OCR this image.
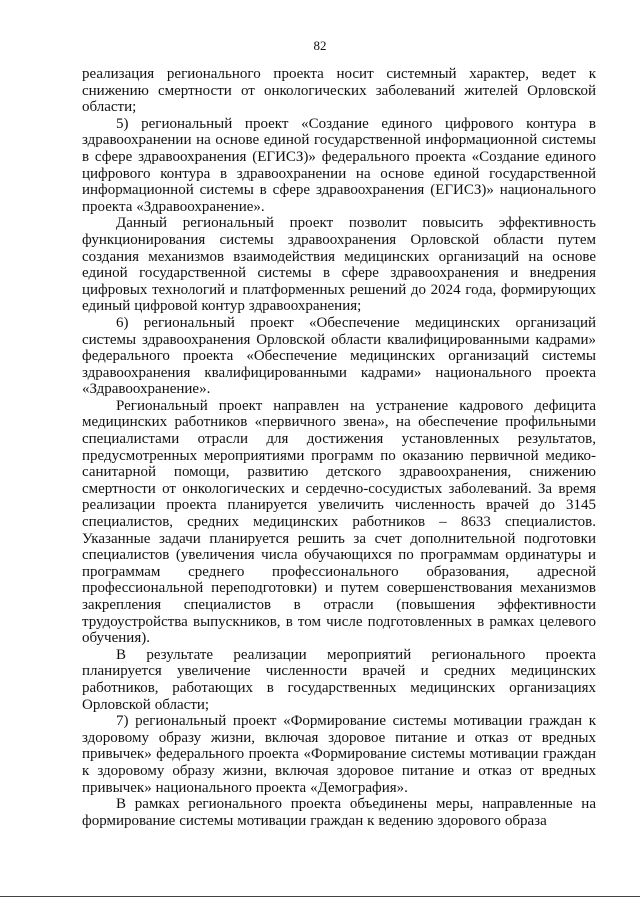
82

реализация регионального проекта носит системный характер, ведет к снижению смертности от онкологических заболеваний жителей Орловской области;

5) региональный проект «Создание единого цифрового контура в здравоохранении на основе единой государственной информационной системы в сфере здравоохранения (ЕГИСЗ)» федерального проекта «Создание единого цифрового контура в здравоохранении на основе единой государственной информационной системы в сфере здравоохранения (ЕГИСЗ)» национального проекта «Здравоохранение».

Данный региональный проект позволит повысить эффективность функционирования системы здравоохранения Орловской области путем создания механизмов взаимодействия медицинских организаций на основе единой государственной системы в сфере здравоохранения и внедрения цифровых технологий и платформенных решений до 2024 года, формирующих единый цифровой контур здравоохранения;

6) региональный проект «Обеспечение медицинских организаций системы здравоохранения Орловской области квалифицированными кадрами» федерального проекта «Обеспечение медицинских организаций системы здравоохранения квалифицированными кадрами» национального проекта «Здравоохранение».

Региональный проект направлен на устранение кадрового дефицита медицинских работников «первичного звена», на обеспечение профильными специалистами отрасли для достижения установленных результатов, предусмотренных мероприятиями программ по оказанию первичной медико-санитарной помощи, развитию детского здравоохранения, снижению смертности от онкологических и сердечно-сосудистых заболеваний. За время реализации проекта планируется увеличить численность врачей до 3145 специалистов, средних медицинских работников – 8633 специалистов. Указанные задачи планируется решить за счет дополнительной подготовки специалистов (увеличения числа обучающихся по программам ординатуры и программам среднего профессионального образования, адресной профессиональной переподготовки) и путем совершенствования механизмов закрепления специалистов в отрасли (повышения эффективности трудоустройства выпускников, в том числе подготовленных в рамках целевого обучения).

В результате реализации мероприятий регионального проекта планируется увеличение численности врачей и средних медицинских работников, работающих в государственных медицинских организациях Орловской области;

7) региональный проект «Формирование системы мотивации граждан к здоровому образу жизни, включая здоровое питание и отказ от вредных привычек» федерального проекта «Формирование системы мотивации граждан к здоровому образу жизни, включая здоровое питание и отказ от вредных привычек» национального проекта «Демография».

В рамках регионального проекта объединены меры, направленные на формирование системы мотивации граждан к ведению здорового образа
